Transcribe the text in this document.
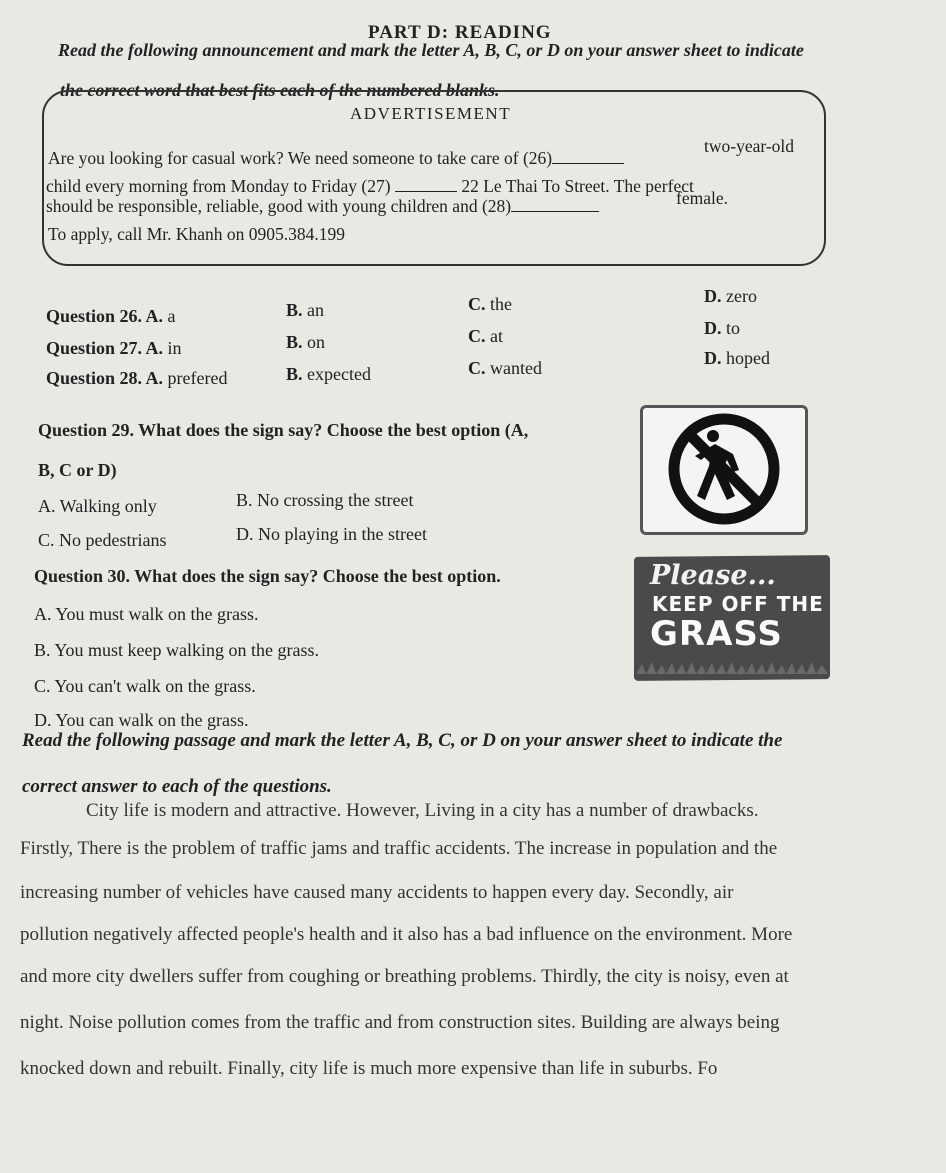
PART D: READING
Read the following announcement and mark the letter A, B, C, or D on your answer sheet to indicate
the correct word that best fits each of the numbered blanks.
ADVERTISEMENT
Are you looking for casual work? We need someone to take care of (26)
two-year-old
child every morning from Monday to Friday (27)	22 Le Thai To Street. The perfect
should be responsible, reliable, good with young children and (28)	female.
To apply, call Mr. Khanh on 0905.384.199
Question 26. A. a	B. an	C. the	D. zero
Question 27. A. in	B. on	C. at	D. to
Question 28. A. prefered	B. expected	C. wanted	D. hoped
Question 29. What does the sign say? Choose the best option (A,
B, C or D)
A. Walking only	B. No crossing the street
C. No pedestrians	D. No playing in the street
Question 30. What does the sign say? Choose the best option.
A. You must walk on the grass.
B. You must keep walking on the grass.
C. You can't walk on the grass.
D. You can walk on the grass.
Please...
KEEP OFF THE
GRASS
Read the following passage and mark the letter A, B, C, or D on your answer sheet to indicate the
correct answer to each of the questions.
City life is modern and attractive. However, Living in a city has a number of drawbacks.
Firstly, There is the problem of traffic jams and traffic accidents. The increase in population and the
increasing number of vehicles have caused many accidents to happen every day. Secondly, air
pollution negatively affected people's health and it also has a bad influence on the environment. More
and more city dwellers suffer from coughing or breathing problems. Thirdly, the city is noisy, even at
night. Noise pollution comes from the traffic and from construction sites. Building are always being
knocked down and rebuilt. Finally, city life is much more expensive than life in suburbs. Fo
